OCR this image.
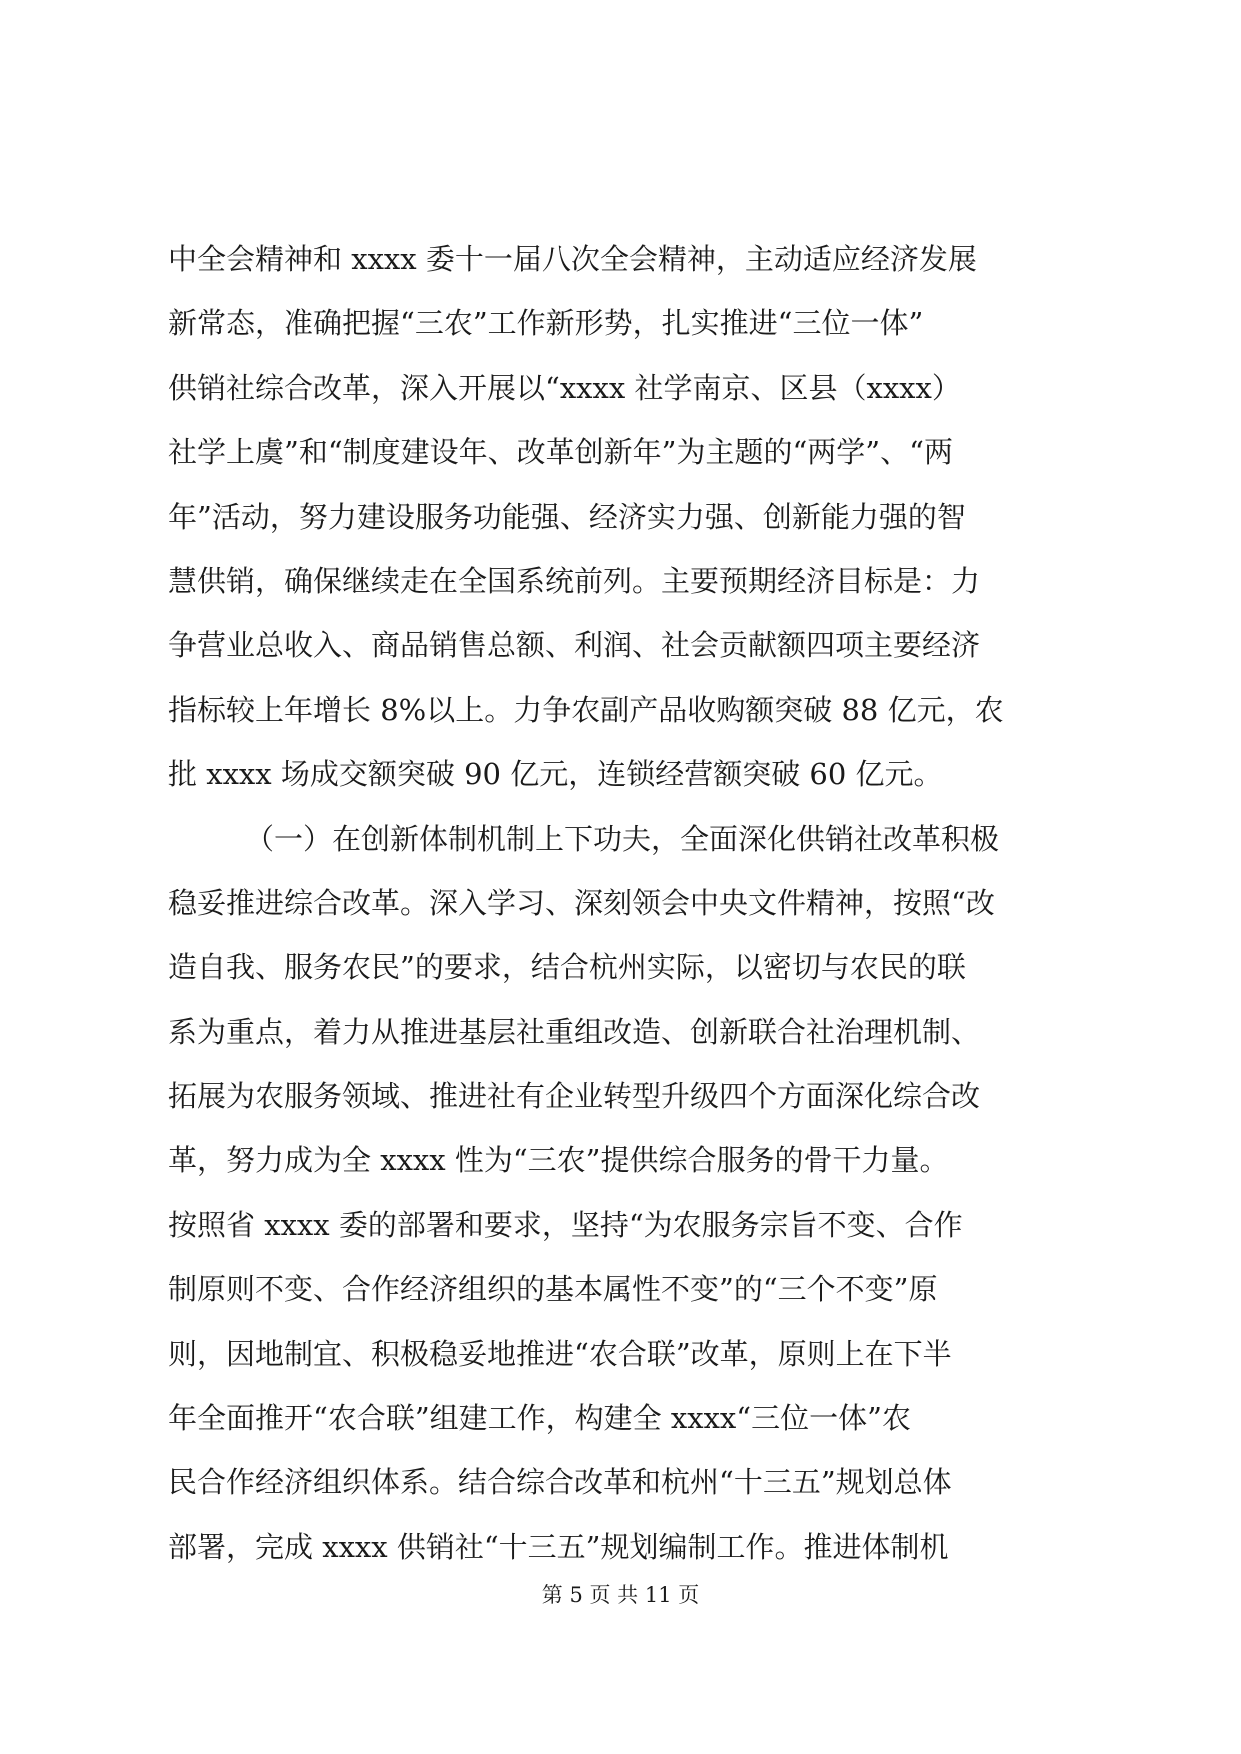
中全会精神和 xxxx 委十一届八次全会精神，主动适应经济发展
新常态，准确把握“三农”工作新形势，扎实推进“三位一体”
供销社综合改革，深入开展以“xxxx 社学南京、区县（xxxx）
社学上虞”和“制度建设年、改革创新年”为主题的“两学”、“两
年”活动，努力建设服务功能强、经济实力强、创新能力强的智
慧供销，确保继续走在全国系统前列。主要预期经济目标是：力
争营业总收入、商品销售总额、利润、社会贡献额四项主要经济
指标较上年增长 8%以上。力争农副产品收购额突破 88 亿元，农
批 xxxx 场成交额突破 90 亿元，连锁经营额突破 60 亿元。
（一）在创新体制机制上下功夫，全面深化供销社改革积极
稳妥推进综合改革。深入学习、深刻领会中央文件精神，按照“改
造自我、服务农民”的要求，结合杭州实际，以密切与农民的联
系为重点，着力从推进基层社重组改造、创新联合社治理机制、
拓展为农服务领域、推进社有企业转型升级四个方面深化综合改
革，努力成为全 xxxx 性为“三农”提供综合服务的骨干力量。
按照省 xxxx 委的部署和要求，坚持“为农服务宗旨不变、合作
制原则不变、合作经济组织的基本属性不变”的“三个不变”原
则，因地制宜、积极稳妥地推进“农合联”改革，原则上在下半
年全面推开“农合联”组建工作，构建全 xxxx“三位一体”农
民合作经济组织体系。结合综合改革和杭州“十三五”规划总体
部署，完成 xxxx 供销社“十三五”规划编制工作。推进体制机
第 5 页 共 11 页
